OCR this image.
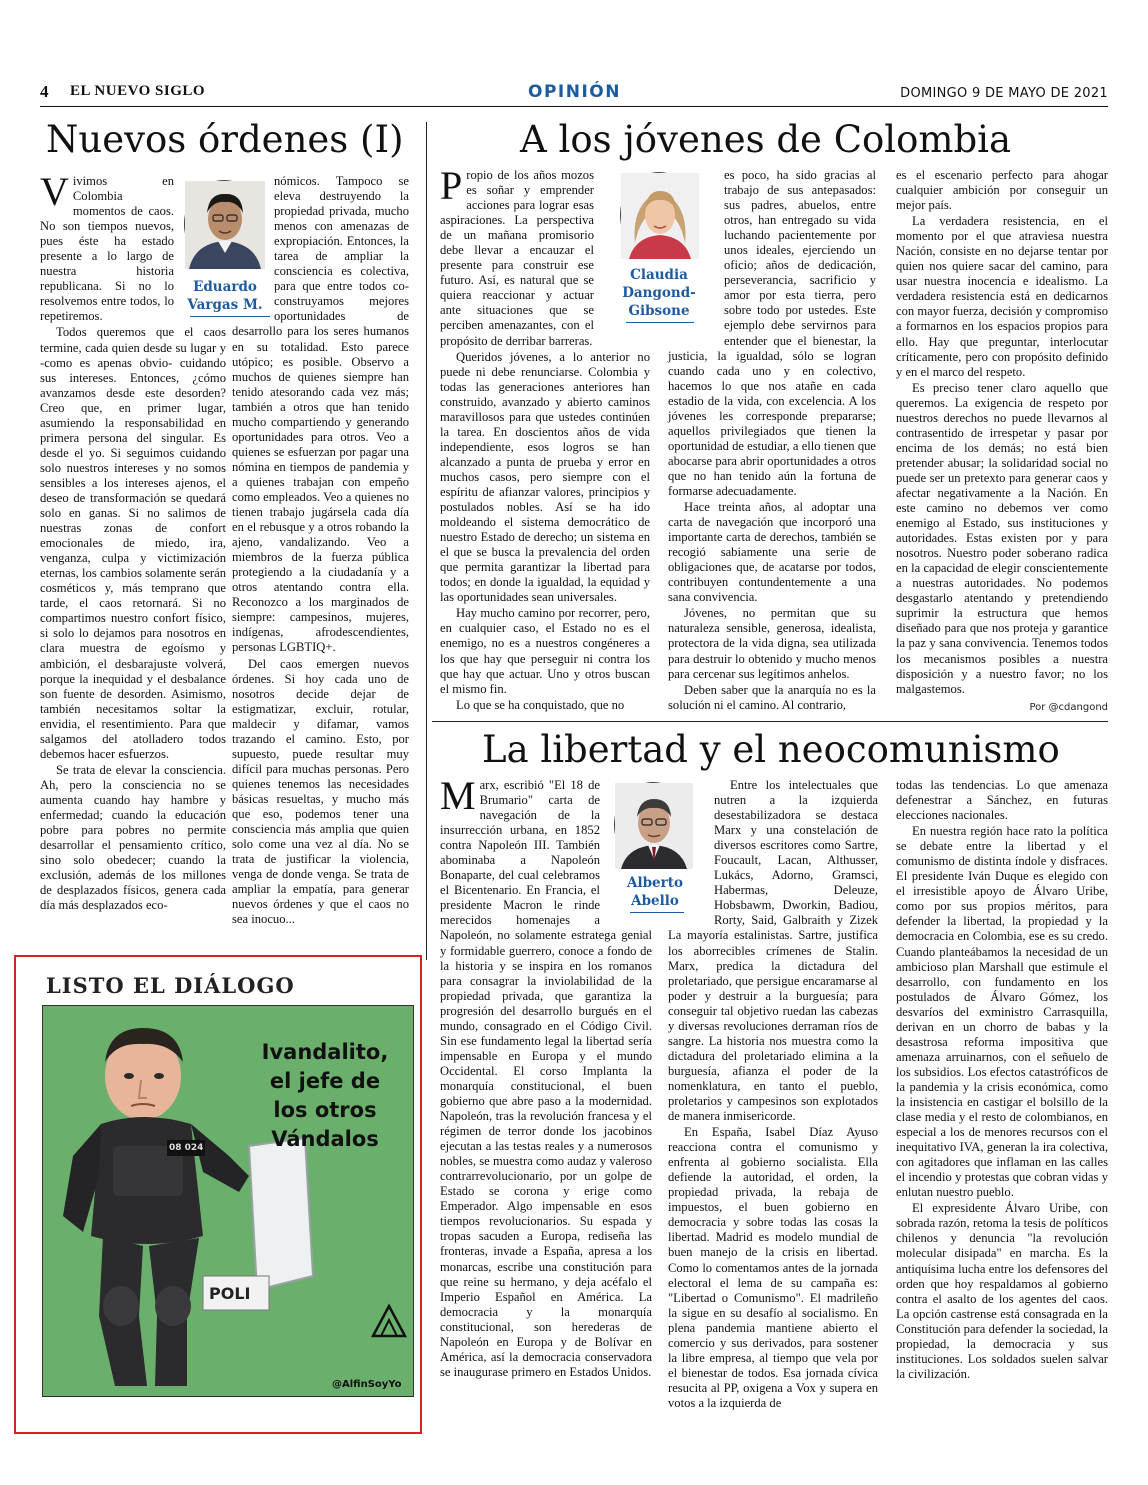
4 EL NUEVO SIGLO	OPINIÓN	DOMINGO 9 DE MAYO DE 2021
Nuevos órdenes (I)
Eduardo
Vargas M.

Vivimos en Colombia momentos de caos. No son tiempos nuevos, pues éste ha estado presente a lo largo de nuestra historia republicana. Si no lo resolvemos entre todos, lo repetiremos.

Todos queremos que el caos termine, cada quien desde su lugar y -como es apenas obvio- cuidando sus intereses. Entonces, ¿cómo avanzamos desde este desorden? Creo que, en primer lugar, asumiendo la responsabilidad en primera persona del singular. Es desde el yo. Si seguimos cuidando solo nuestros intereses y no somos sensibles a los intereses ajenos, el deseo de transformación se quedará solo en ganas. Si no salimos de nuestras zonas de confort emocionales de miedo, ira, venganza, culpa y victimización eternas, los cambios solamente serán cosméticos y, más temprano que tarde, el caos retornará. Si no compartimos nuestro confort físico, si solo lo dejamos para nosotros en clara muestra de egoísmo y ambición, el desbarajuste volverá, porque la inequidad y el desbalance son fuente de desorden. Asimismo, también necesitamos soltar la envidia, el resentimiento. Para que salgamos del atolladero todos debemos hacer esfuerzos.

Se trata de elevar la consciencia. Ah, pero la consciencia no se aumenta cuando hay hambre y enfermedad; cuando la educación pobre para pobres no permite desarrollar el pensamiento crítico, sino solo obedecer; cuando la exclusión, además de los millones de desplazados físicos, genera cada día más desplazados eco-

nómicos. Tampoco se eleva destruyendo la propiedad privada, mucho menos con amenazas de expropiación. Entonces, la tarea de ampliar la consciencia es colectiva, para que entre todos co-construyamos mejores oportunidades de desarrollo para los seres humanos en su totalidad. Esto parece utópico; es posible. Observo a muchos de quienes siempre han tenido atesorando cada vez más; también a otros que han tenido mucho compartiendo y generando oportunidades para otros. Veo a quienes se esfuerzan por pagar una nómina en tiempos de pandemia y a quienes trabajan con empeño como empleados. Veo a quienes no tienen trabajo jugársela cada día en el rebusque y a otros robando la ajeno, vandalizando. Veo a miembros de la fuerza pública protegiendo a la ciudadanía y a otros atentando contra ella. Reconozco a los marginados de siempre: campesinos, mujeres, indígenas, afrodescendientes, personas LGBTIQ+.

Del caos emergen nuevos órdenes. Si hoy cada uno de nosotros decide dejar de estigmatizar, excluir, rotular, maldecir y difamar, vamos trazando el camino. Esto, por supuesto, puede resultar muy difícil para muchas personas. Pero quienes tenemos las necesidades básicas resueltas, y mucho más que eso, podemos tener una consciencia más amplia que quien solo come una vez al día. No se trata de justificar la violencia, venga de donde venga. Se trata de ampliar la empatía, para generar nuevos órdenes y que el caos no sea inocuo...

A los jóvenes de Colombia
Claudia
Dangond-
Gibsone

Propio de los años mozos es soñar y emprender acciones para lograr esas aspiraciones. La perspectiva de un mañana promisorio debe llevar a encauzar el presente para construir ese futuro. Así, es natural que se quiera reaccionar y actuar ante situaciones que se perciben amenazantes, con el propósito de derribar barreras.

Queridos jóvenes, a lo anterior no puede ni debe renunciarse. Colombia y todas las generaciones anteriores han construido, avanzado y abierto caminos maravillosos para que ustedes continúen la tarea. En doscientos años de vida independiente, esos logros se han alcanzado a punta de prueba y error en muchos casos, pero siempre con el espíritu de afianzar valores, principios y postulados nobles. Así se ha ido moldeando el sistema democrático de nuestro Estado de derecho; un sistema en el que se busca la prevalencia del orden que permita garantizar la libertad para todos; en donde la igualdad, la equidad y las oportunidades sean universales.

Hay mucho camino por recorrer, pero, en cualquier caso, el Estado no es el enemigo, no es a nuestros congéneres a los que hay que perseguir ni contra los que hay que actuar. Uno y otros buscan el mismo fin.

Lo que se ha conquistado, que no

es poco, ha sido gracias al trabajo de sus antepasados: sus padres, abuelos, entre otros, han entregado su vida luchando pacientemente por unos ideales, ejerciendo un oficio; años de dedicación, perseverancia, sacrificio y amor por esta tierra, pero sobre todo por ustedes. Este ejemplo debe servirnos para entender que el bienestar, la justicia, la igualdad, sólo se logran cuando cada uno y en colectivo, hacemos lo que nos atañe en cada estadio de la vida, con excelencia. A los jóvenes les corresponde prepararse; aquellos privilegiados que tienen la oportunidad de estudiar, a ello tienen que abocarse para abrir oportunidades a otros que no han tenido aún la fortuna de formarse adecuadamente.

Hace treinta años, al adoptar una carta de navegación que incorporó una importante carta de derechos, también se recogió sabiamente una serie de obligaciones que, de acatarse por todos, contribuyen contundentemente a una sana convivencia.

Jóvenes, no permitan que su naturaleza sensible, generosa, idealista, protectora de la vida digna, sea utilizada para destruir lo obtenido y mucho menos para cercenar sus legítimos anhelos.

Deben saber que la anarquía no es la solución ni el camino. Al contrario,

es el escenario perfecto para ahogar cualquier ambición por conseguir un mejor país.

La verdadera resistencia, en el momento por el que atraviesa nuestra Nación, consiste en no dejarse tentar por quien nos quiere sacar del camino, para usar nuestra inocencia e idealismo. La verdadera resistencia está en dedicarnos con mayor fuerza, decisión y compromiso a formarnos en los espacios propios para ello. Hay que preguntar, interlocutar críticamente, pero con propósito definido y en el marco del respeto.

Es preciso tener claro aquello que queremos. La exigencia de respeto por nuestros derechos no puede llevarnos al contrasentido de irrespetar y pasar por encima de los demás; no está bien pretender abusar; la solidaridad social no puede ser un pretexto para generar caos y afectar negativamente a la Nación. En este camino no debemos ver como enemigo al Estado, sus instituciones y autoridades. Estas existen por y para nosotros. Nuestro poder soberano radica en la capacidad de elegir conscientemente a nuestras autoridades. No podemos desgastarlo atentando y pretendiendo suprimir la estructura que hemos diseñado para que nos proteja y garantice la paz y sana convivencia. Tenemos todos los mecanismos posibles a nuestra disposición y a nuestro favor; no los malgastemos.

Por @cdangond
La libertad y el neocomunismo
Alberto
Abello

Marx, escribió "El 18 de Brumario" carta de navegación de la insurrección urbana, en 1852 contra Napoleón III. También abominaba a Napoleón Bonaparte, del cual celebramos el Bicentenario. En Francia, el presidente Macron le rinde merecidos homenajes a Napoleón, no solamente estratega genial y formidable guerrero, conoce a fondo de la historia y se inspira en los romanos para consagrar la inviolabilidad de la propiedad privada, que garantiza la progresión del desarrollo burgués en el mundo, consagrado en el Código Civil. Sin ese fundamento legal la libertad sería impensable en Europa y el mundo Occidental. El corso Implanta la monarquía constitucional, el buen gobierno que abre paso a la modernidad. Napoleón, tras la revolución francesa y el régimen de terror donde los jacobinos ejecutan a las testas reales y a numerosos nobles, se muestra como audaz y valeroso contrarrevolucionario, por un golpe de Estado se corona y erige como Emperador. Algo impensable en esos tiempos revolucionarios. Su espada y tropas sacuden a Europa, rediseña las fronteras, invade a España, apresa a los monarcas, escribe una constitución para que reine su hermano, y deja acéfalo el Imperio Español en América. La democracia y la monarquía constitucional, son herederas de Napoleón en Europa y de Bolívar en América, así la democracia conservadora se inaugurase primero en Estados Unidos.

Entre los intelectuales que nutren a la izquierda desestabilizadora se destaca Marx y una constelación de diversos escritores como Sartre, Foucault, Lacan, Althusser, Lukács, Adorno, Gramsci, Habermas, Deleuze, Hobsbawm, Dworkin, Badiou, Rorty, Said, Galbraith y Zizek La mayoría estalinistas. Sartre, justifica los aborrecibles crímenes de Stalin. Marx, predica la dictadura del proletariado, que persigue encaramarse al poder y destruir a la burguesía; para conseguir tal objetivo ruedan las cabezas y diversas revoluciones derraman ríos de sangre. La historia nos muestra como la dictadura del proletariado elimina a la burguesía, afianza el poder de la nomenklatura, en tanto el pueblo, proletarios y campesinos son explotados de manera inmisericorde.

En España, Isabel Díaz Ayuso reacciona contra el comunismo y enfrenta al gobierno socialista. Ella defiende la autoridad, el orden, la propiedad privada, la rebaja de impuestos, el buen gobierno en democracia y sobre todas las cosas la libertad. Madrid es modelo mundial de buen manejo de la crisis en libertad. Como lo comentamos antes de la jornada electoral el lema de su campaña es: "Libertad o Comunismo". El madrileño la sigue en su desafío al socialismo. En plena pandemia mantiene abierto el comercio y sus derivados, para sostener la libre empresa, al tiempo que vela por el bienestar de todos. Esa jornada cívica resucita al PP, oxigena a Vox y supera en votos a la izquierda de

todas las tendencias. Lo que amenaza defenestrar a Sánchez, en futuras elecciones nacionales.

En nuestra región hace rato la política se debate entre la libertad y el comunismo de distinta índole y disfraces. El presidente Iván Duque es elegido con el irresistible apoyo de Álvaro Uribe, como por sus propios méritos, para defender la libertad, la propiedad y la democracia en Colombia, ese es su credo. Cuando planteábamos la necesidad de un ambicioso plan Marshall que estimule el desarrollo, con fundamento en los postulados de Álvaro Gómez, los desvaríos del exministro Carrasquilla, derivan en un chorro de babas y la desastrosa reforma impositiva que amenaza arruinarnos, con el señuelo de los subsidios. Los efectos catastróficos de la pandemia y la crisis económica, como la insistencia en castigar el bolsillo de la clase media y el resto de colombianos, en especial a los de menores recursos con el inequitativo IVA, generan la ira colectiva, con agitadores que inflaman en las calles el incendio y protestas que cobran vidas y enlutan nuestro pueblo.

El expresidente Álvaro Uribe, con sobrada razón, retoma la tesis de políticos chilenos y denuncia "la revolución molecular disipada" en marcha. Es la antiquísima lucha entre los defensores del orden que hoy respaldamos al gobierno contra el asalto de los agentes del caos. La opción castrense está consagrada en la Constitución para defender la sociedad, la propiedad, la democracia y sus instituciones. Los soldados suelen salvar la civilización.

LISTO EL DIÁLOGO
08 024
POLI
Ivandalito,
el jefe de
los otros
Vándalos
@AlfinSoyYo
